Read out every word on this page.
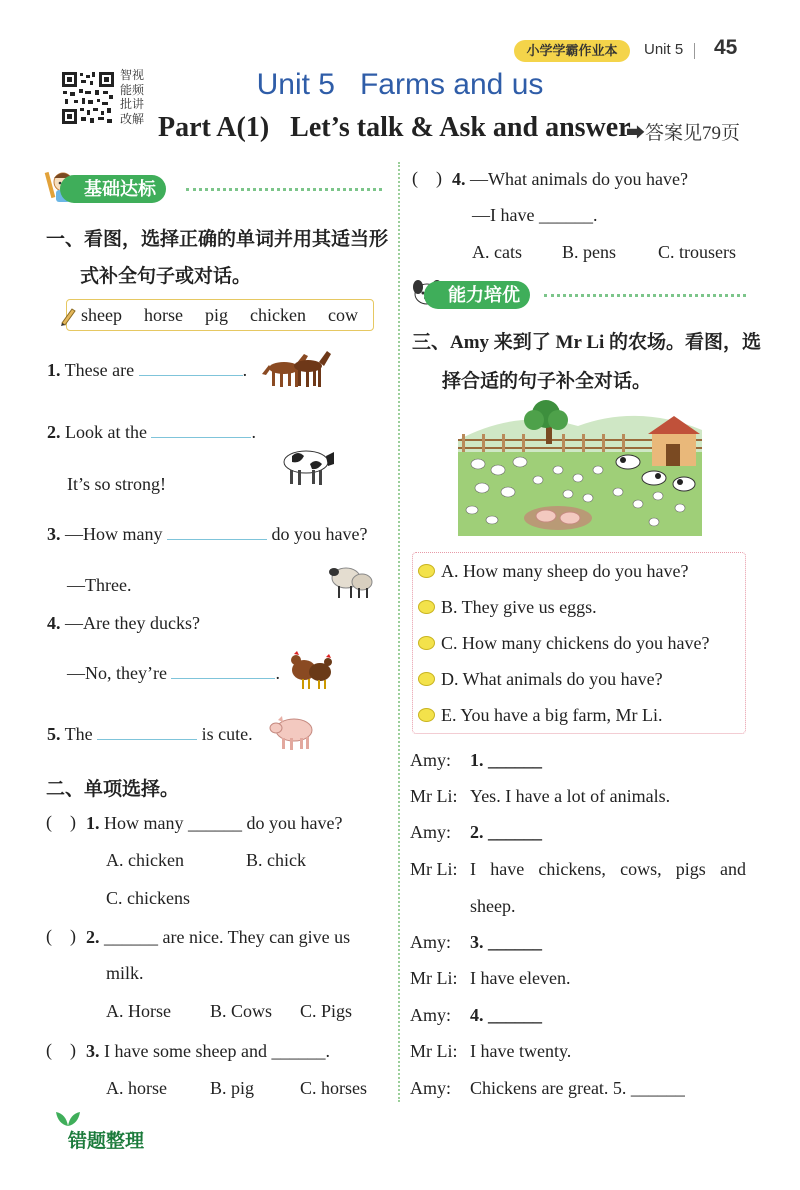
小学学霸作业本	Unit 5 45
智视
能频
批讲
改解
Unit 5   Farms and us
Part A(1)   Let’s talk & Ask and answer
➡答案见79页
基础达标
一、看图，选择正确的单词并用其适当形
式补全句子或对话。
sheep horse pig chicken cow
1. These are	.
2. Look at the	.
It’s so strong!
3. —How many	do you have?
—Three.
4. —Are they ducks?
—No, they’re	.
5. The	is cute.
二、单项选择。
(    ) 1. How many ______ do you have?
A. chicken	B. chick
C. chickens
(    ) 2. ______ are nice. They can give us
milk.
A. Horse B. Cows C. Pigs
(    ) 3. I have some sheep and ______.
A. horse B. pig	C. horses
(    ) 4. —What animals do you have?
—I have ______.
A. cats B. pens C. trousers
能力培优
三、Amy 来到了 Mr Li 的农场。看图，选
择合适的句子补全对话。
A. How many sheep do you have?
B. They give us eggs.
C. How many chickens do you have?
D. What animals do you have?
E. You have a big farm, Mr Li.
Amy: 1. ______
Mr Li: Yes. I have a lot of animals.
Amy: 2. ______
Mr Li: I have chickens, cows, pigs and
sheep.
Amy: 3. ______
Mr Li: I have eleven.
Amy: 4. ______
Mr Li: I have twenty.
Amy: Chickens are great. 5. ______
错题整理
